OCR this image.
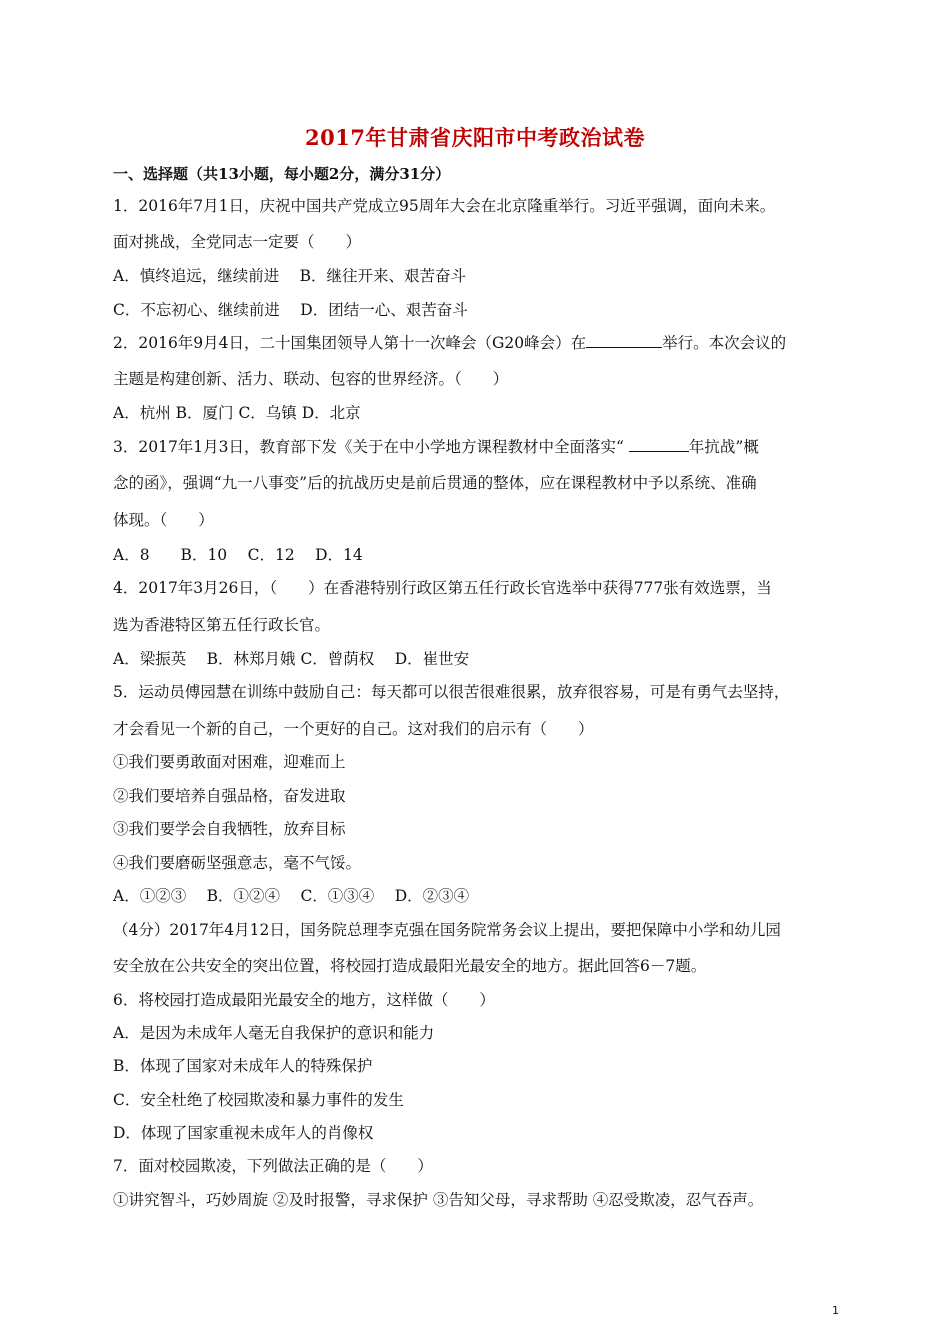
2017年甘肃省庆阳市中考政治试卷
一、选择题（共13小题，每小题2分，满分31分）
1．2016年7月1日，庆祝中国共产党成立95周年大会在北京隆重举行。习近平强调，面向未来。
面对挑战，全党同志一定要（　　）
A．慎终追远，继续前进　 B．继往开来、艰苦奋斗
C．不忘初心、继续前进　 D．团结一心、艰苦奋斗
2．2016年9月4日，二十国集团领导人第十一次峰会（G20峰会）在	举行。本次会议的
主题是构建创新、活力、联动、包容的世界经济。（　　）
A．杭州 B．厦门 C．乌镇 D．北京
3．2017年1月3日，教育部下发《关于在中小学地方课程教材中全面落实“	年抗战”概
念的函》，强调“九一八事变”后的抗战历史是前后贯通的整体，应在课程教材中予以系统、准确
体现。（　　）
A．8　　B．10　 C．12　 D．14
4．2017年3月26日，（　　）在香港特别行政区第五任行政长官选举中获得777张有效选票，当
选为香港特区第五任行政长官。
A．梁振英　 B．林郑月娥 C．曾荫权　 D．崔世安
5．运动员傅园慧在训练中鼓励自己：每天都可以很苦很难很累，放弃很容易，可是有勇气去坚持，
才会看见一个新的自己，一个更好的自己。这对我们的启示有（　　）
①我们要勇敢面对困难，迎难而上
②我们要培养自强品格，奋发进取
③我们要学会自我牺牲，放弃目标
④我们要磨砺坚强意志，毫不气馁。
A．①②③　 B．①②④　 C．①③④　 D．②③④
（4分）2017年4月12日，国务院总理李克强在国务院常务会议上提出，要把保障中小学和幼儿园
安全放在公共安全的突出位置，将校园打造成最阳光最安全的地方。据此回答6－7题。
6．将校园打造成最阳光最安全的地方，这样做（　　）
A．是因为未成年人毫无自我保护的意识和能力
B．体现了国家对未成年人的特殊保护
C．安全杜绝了校园欺凌和暴力事件的发生
D．体现了国家重视未成年人的肖像权
7．面对校园欺凌，下列做法正确的是（　　）
①讲究智斗，巧妙周旋 ②及时报警，寻求保护 ③告知父母，寻求帮助 ④忍受欺凌，忍气吞声。
1
